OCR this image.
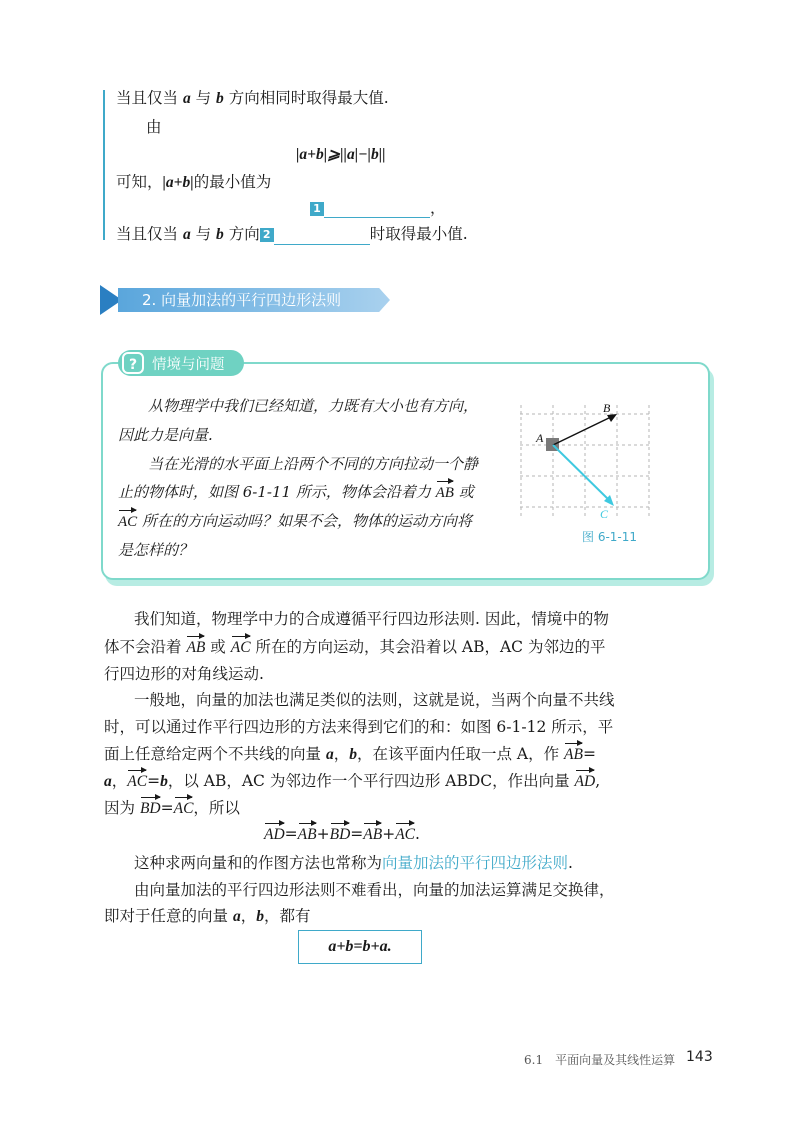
当且仅当 a 与 b 方向相同时取得最大值.
由
|a+b|⩾||a|−|b||
可知，|a+b|的最小值为
1	，
当且仅当 a 与 b 方向 2	时取得最小值.
2. 向量加法的平行四边形法则
?	情境与问题
从物理学中我们已经知道，力既有大小也有方向，
因此力是向量.
当在光滑的水平面上沿两个不同的方向拉动一个静
止的物体时，如图 6-1-11 所示，物体会沿着力 AB 或
AC 所在的方向运动吗？如果不会，物体的运动方向将
是怎样的？
A
B
C
图 6-1-11
我们知道，物理学中力的合成遵循平行四边形法则. 因此，情境中的物
体不会沿着 AB 或 AC 所在的方向运动，其会沿着以 AB，AC 为邻边的平
行四边形的对角线运动.
一般地，向量的加法也满足类似的法则，这就是说，当两个向量不共线
时，可以通过作平行四边形的方法来得到它们的和：如图 6-1-12 所示，平
面上任意给定两个不共线的向量 a，b，在该平面内任取一点 A，作 AB=
a，AC=b，以 AB，AC 为邻边作一个平行四边形 ABDC，作出向量 AD,
因为 BD=AC，所以
AD=AB+BD=AB+AC.
这种求两向量和的作图方法也常称为向量加法的平行四边形法则.
由向量加法的平行四边形法则不难看出，向量的加法运算满足交换律，
即对于任意的向量 a，b，都有
a+b=b+a.
6.1　平面向量及其线性运算 143
